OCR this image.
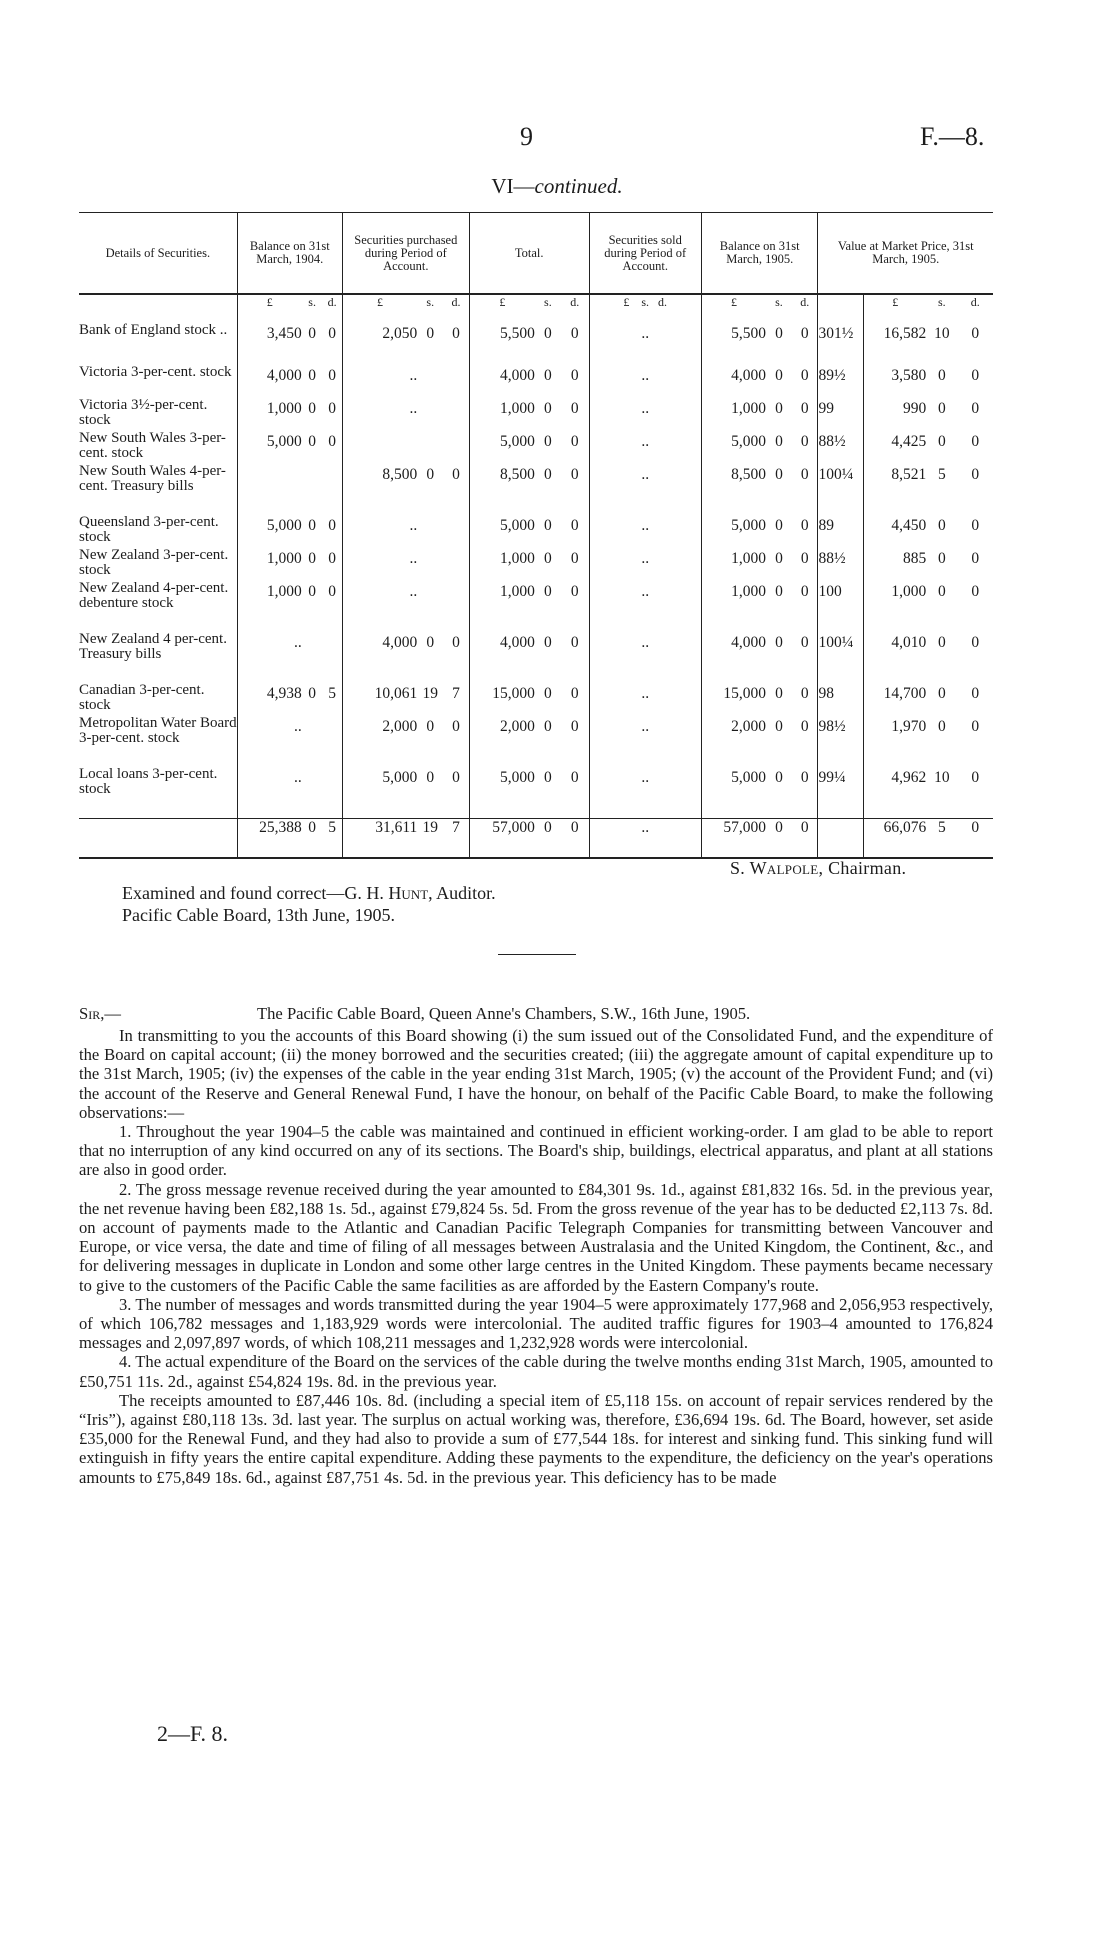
9	F.—8.
VI—continued.
Details of Securities.	Balance on 31st March, 1904.			Securities purchased during Period of Account.			Total.			Securities sold during Period of Account.	Balance on 31st March, 1905.			Value at Market Price, 31st March, 1905.			
	£	s.	d.	£	s.	d.	£	s.	d.	£ s. d.	£	s.	d.		£	s.	d.
Bank of England stock ..	3,450	0	0	2,050	0	0	5,500	0	0	..	5,500	0	0	301½	16,582	10	0
Victoria 3-per-cent. stock	4,000	0	0	..			4,000	0	0	..	4,000	0	0	89½	3,580	0	0
Victoria 3½-per-cent. stock	1,000	0	0	..			1,000	0	0	..	1,000	0	0	99	990	0	0
New South Wales 3-per-cent. stock	5,000	0	0				5,000	0	0	..	5,000	0	0	88½	4,425	0	0
New South Wales 4-per-cent. Treasury bills				8,500	0	0	8,500	0	0	..	8,500	0	0	100¼	8,521	5	0
Queensland 3-per-cent. stock	5,000	0	0	..			5,000	0	0	..	5,000	0	0	89	4,450	0	0
New Zealand 3-per-cent. stock	1,000	0	0	..			1,000	0	0	..	1,000	0	0	88½	885	0	0
New Zealand 4-per-cent. debenture stock	1,000	0	0	..			1,000	0	0	..	1,000	0	0	100	1,000	0	0
New Zealand 4 per-cent. Treasury bills	..			4,000	0	0	4,000	0	0	..	4,000	0	0	100¼	4,010	0	0
Canadian 3-per-cent. stock	4,938	0	5	10,061	19	7	15,000	0	0	..	15,000	0	0	98	14,700	0	0
Metropolitan Water Board 3-per-cent. stock	..			2,000	0	0	2,000	0	0	..	2,000	0	0	98½	1,970	0	0
Local loans 3-per-cent. stock	..			5,000	0	0	5,000	0	0	..	5,000	0	0	99¼	4,962	10	0
	25,388	0	5	31,611	19	7	57,000	0	0	..	57,000	0	0		66,076	5	0
S. Walpole, Chairman.
Examined and found correct—G. H. Hunt, Auditor.
Pacific Cable Board, 13th June, 1905.
Sir,—	The Pacific Cable Board, Queen Anne's Chambers, S.W., 16th June, 1905.

In transmitting to you the accounts of this Board showing (i) the sum issued out of the Consolidated Fund, and the expenditure of the Board on capital account; (ii) the money borrowed and the securities created; (iii) the aggregate amount of capital expenditure up to the 31st March, 1905; (iv) the expenses of the cable in the year ending 31st March, 1905; (v) the account of the Provident Fund; and (vi) the account of the Reserve and General Renewal Fund, I have the honour, on behalf of the Pacific Cable Board, to make the following observations:—

1. Throughout the year 1904–5 the cable was maintained and continued in efficient working-order. I am glad to be able to report that no interruption of any kind occurred on any of its sections. The Board's ship, buildings, electrical apparatus, and plant at all stations are also in good order.

2. The gross message revenue received during the year amounted to £84,301 9s. 1d., against £81,832 16s. 5d. in the previous year, the net revenue having been £82,188 1s. 5d., against £79,824 5s. 5d. From the gross revenue of the year has to be deducted £2,113 7s. 8d. on account of payments made to the Atlantic and Canadian Pacific Telegraph Companies for transmitting between Vancouver and Europe, or vice versa, the date and time of filing of all messages between Australasia and the United Kingdom, the Continent, &c., and for delivering messages in duplicate in London and some other large centres in the United Kingdom. These payments became necessary to give to the customers of the Pacific Cable the same facilities as are afforded by the Eastern Company's route.

3. The number of messages and words transmitted during the year 1904–5 were approximately 177,968 and 2,056,953 respectively, of which 106,782 messages and 1,183,929 words were intercolonial. The audited traffic figures for 1903–4 amounted to 176,824 messages and 2,097,897 words, of which 108,211 messages and 1,232,928 words were intercolonial.

4. The actual expenditure of the Board on the services of the cable during the twelve months ending 31st March, 1905, amounted to £50,751 11s. 2d., against £54,824 19s. 8d. in the previous year.

The receipts amounted to £87,446 10s. 8d. (including a special item of £5,118 15s. on account of repair services rendered by the “Iris”), against £80,118 13s. 3d. last year. The surplus on actual working was, therefore, £36,694 19s. 6d. The Board, however, set aside £35,000 for the Renewal Fund, and they had also to provide a sum of £77,544 18s. for interest and sinking fund. This sinking fund will extinguish in fifty years the entire capital expenditure. Adding these payments to the expenditure, the deficiency on the year's operations amounts to £75,849 18s. 6d., against £87,751 4s. 5d. in the previous year. This deficiency has to be made

2—F. 8.
